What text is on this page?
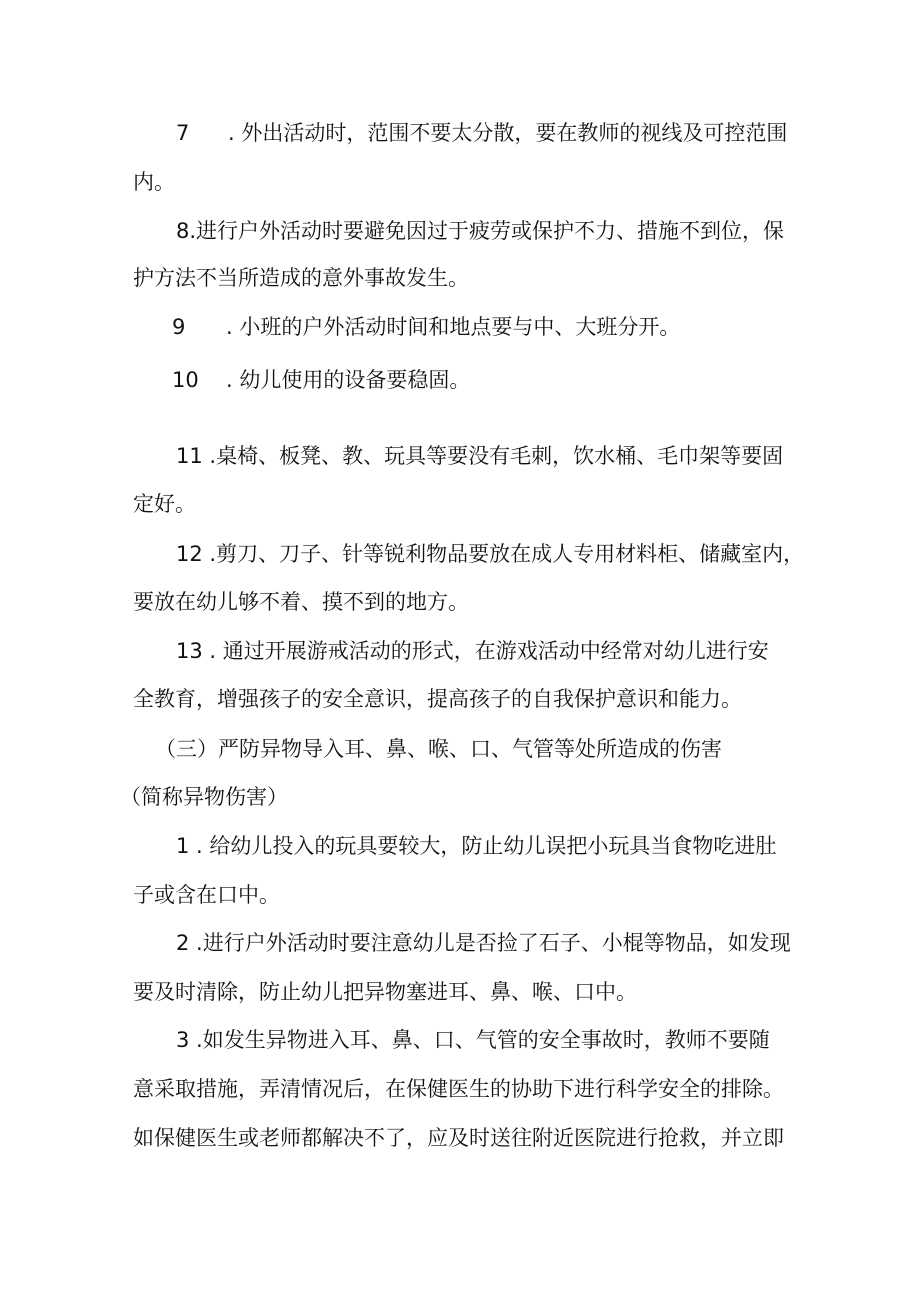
7 . 外出活动时，范围不要太分散，要在教师的视线及可控范围
内。
8.进行户外活动时要避免因过于疲劳或保护不力、措施不到位，保
护方法不当所造成的意外事故发生。
9 . 小班的户外活动时间和地点要与中、大班分开。
10 . 幼儿使用的设备要稳固。
11 .桌椅、板凳、教、玩具等要没有毛刺，饮水桶、毛巾架等要固
定好。
12 .剪刀、刀子、针等锐利物品要放在成人专用材料柜、储藏室内，
要放在幼儿够不着、摸不到的地方。
13 . 通过开展游戒活动的形式，在游戏活动中经常对幼儿进行安
全教育，增强孩子的安全意识，提高孩子的自我保护意识和能力。
（三）严防异物导入耳、鼻、喉、口、气管等处所造成的伤害
（简称异物伤害）
1 . 给幼儿投入的玩具要较大，防止幼儿误把小玩具当食物吃进肚
子或含在口中。
2 .进行户外活动时要注意幼儿是否捡了石子、小棍等物品，如发现
要及时清除，防止幼儿把异物塞进耳、鼻、喉、口中。
3 .如发生异物进入耳、鼻、口、气管的安全事故时，教师不要随
意采取措施，弄清情况后，在保健医生的协助下进行科学安全的排除。
如保健医生或老师都解决不了，应及时送往附近医院进行抢救，并立即
